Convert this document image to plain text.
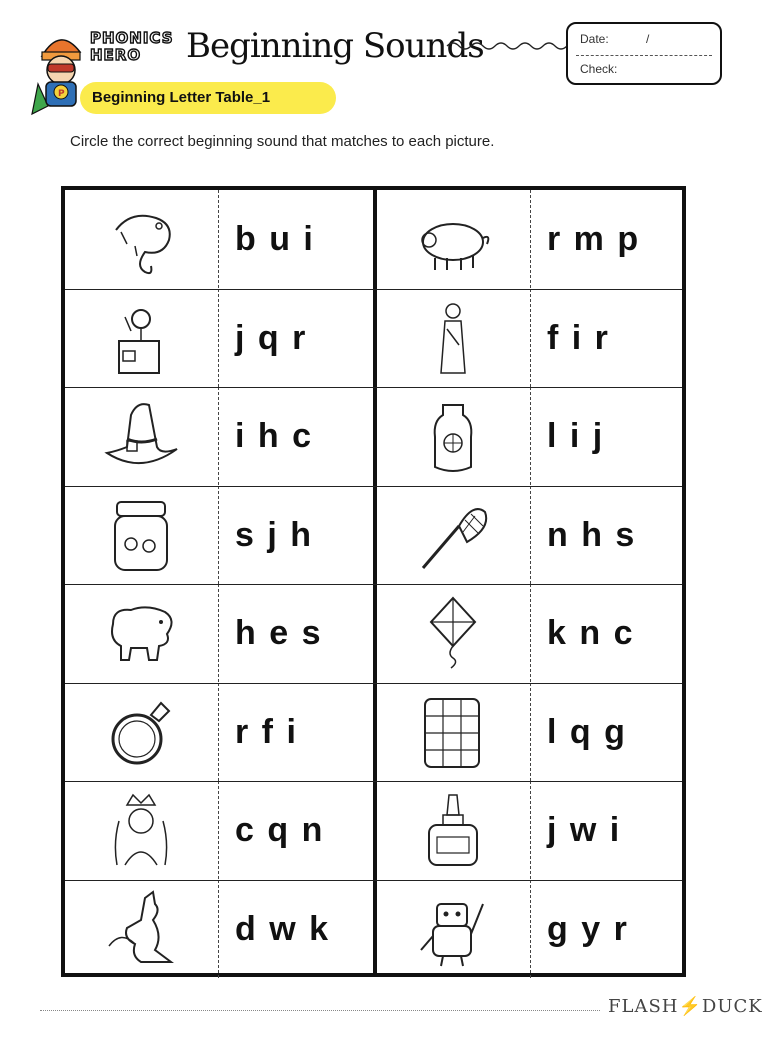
P
PHONICS
HERO	Beginning Sounds	Date:	/
Check:
Beginning Letter Table_1
Circle the correct beginning sound that matches to each picture.
b u i	r m p
j q r	f i r
i h c	l i j
s j h	n h s
h e s	k n c
r f i	l q g
c q n	j w i
d w k	g y r
FLASH⚡DUCK
